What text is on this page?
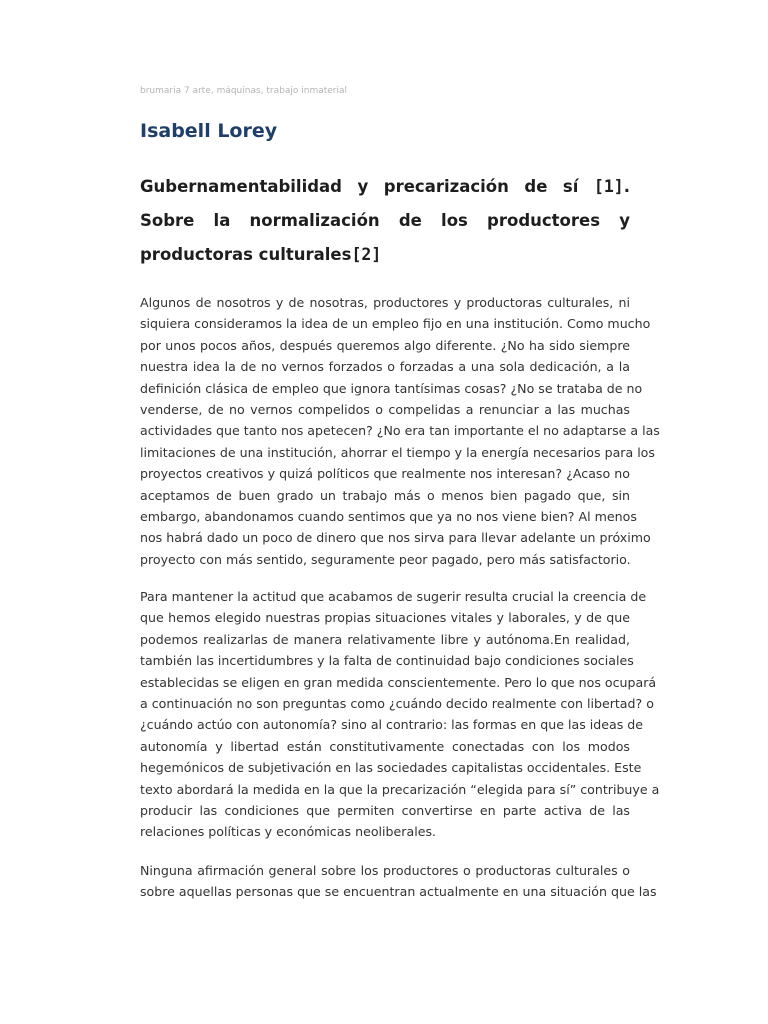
brumaria 7 arte, máquinas, trabajo inmaterial
Isabell Lorey
Gubernamentabilidad y precarización de sí [1]. Sobre la normalización de los productores y productoras culturales[2]

Algunos de nosotros y de nosotras, productores y productoras culturales, ni
siquiera consideramos la idea de un empleo fijo en una institución. Como mucho
por unos pocos años, después queremos algo diferente. ¿No ha sido siempre
nuestra idea la de no vernos forzados o forzadas a una sola dedicación, a la
definición clásica de empleo que ignora tantísimas cosas? ¿No se trataba de no
venderse, de no vernos compelidos o compelidas a renunciar a las muchas
actividades que tanto nos apetecen? ¿No era tan importante el no adaptarse a las
limitaciones de una institución, ahorrar el tiempo y la energía necesarios para los
proyectos creativos y quizá políticos que realmente nos interesan? ¿Acaso no
aceptamos de buen grado un trabajo más o menos bien pagado que, sin
embargo, abandonamos cuando sentimos que ya no nos viene bien? Al menos
nos habrá dado un poco de dinero que nos sirva para llevar adelante un próximo
proyecto con más sentido, seguramente peor pagado, pero más satisfactorio.

Para mantener la actitud que acabamos de sugerir resulta crucial la creencia de
que hemos elegido nuestras propias situaciones vitales y laborales, y de que
podemos realizarlas de manera relativamente libre y autónoma.En realidad,
también las incertidumbres y la falta de continuidad bajo condiciones sociales
establecidas se eligen en gran medida conscientemente. Pero lo que nos ocupará
a continuación no son preguntas como ¿cuándo decido realmente con libertad? o
¿cuándo actúo con autonomía? sino al contrario: las formas en que las ideas de
autonomía y libertad están constitutivamente conectadas con los modos
hegemónicos de subjetivación en las sociedades capitalistas occidentales. Este
texto abordará la medida en la que la precarización “elegida para sí” contribuye a
producir las condiciones que permiten convertirse en parte activa de las
relaciones políticas y económicas neoliberales.

Ninguna afirmación general sobre los productores o productoras culturales o
sobre aquellas personas que se encuentran actualmente en una situación que las
